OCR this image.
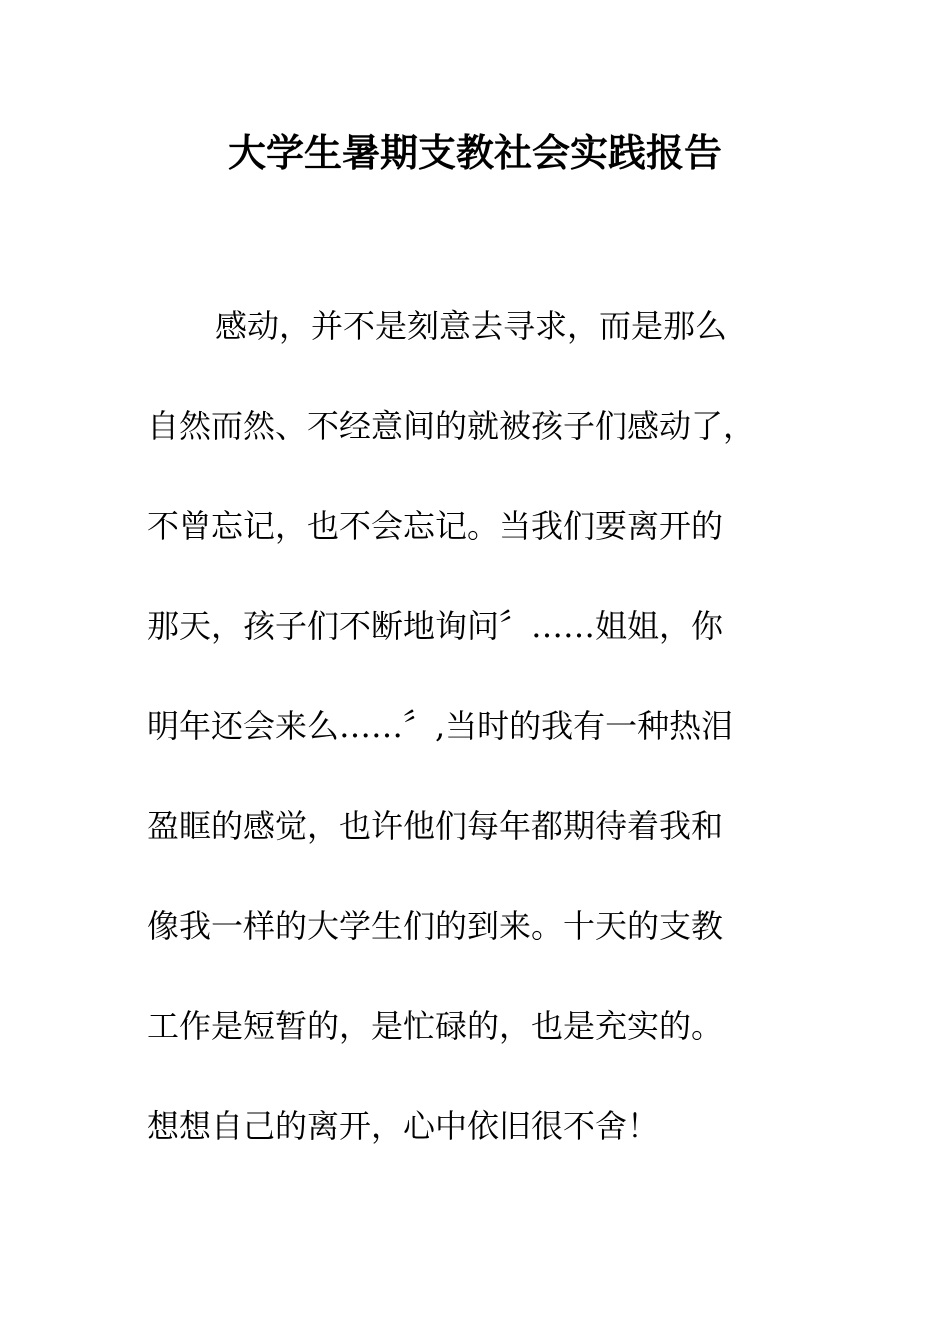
大学生暑期支教社会实践报告
感动，并不是刻意去寻求，而是那么
自然而然、不经意间的就被孩子们感动了，
不曾忘记，也不会忘记。当我们要离开的
那天，孩子们不断地询问〞……姐姐，你
明年还会来么……〞,当时的我有一种热泪
盈眶的感觉，也许他们每年都期待着我和
像我一样的大学生们的到来。十天的支教
工作是短暂的，是忙碌的，也是充实的。
想想自己的离开，心中依旧很不舍！
